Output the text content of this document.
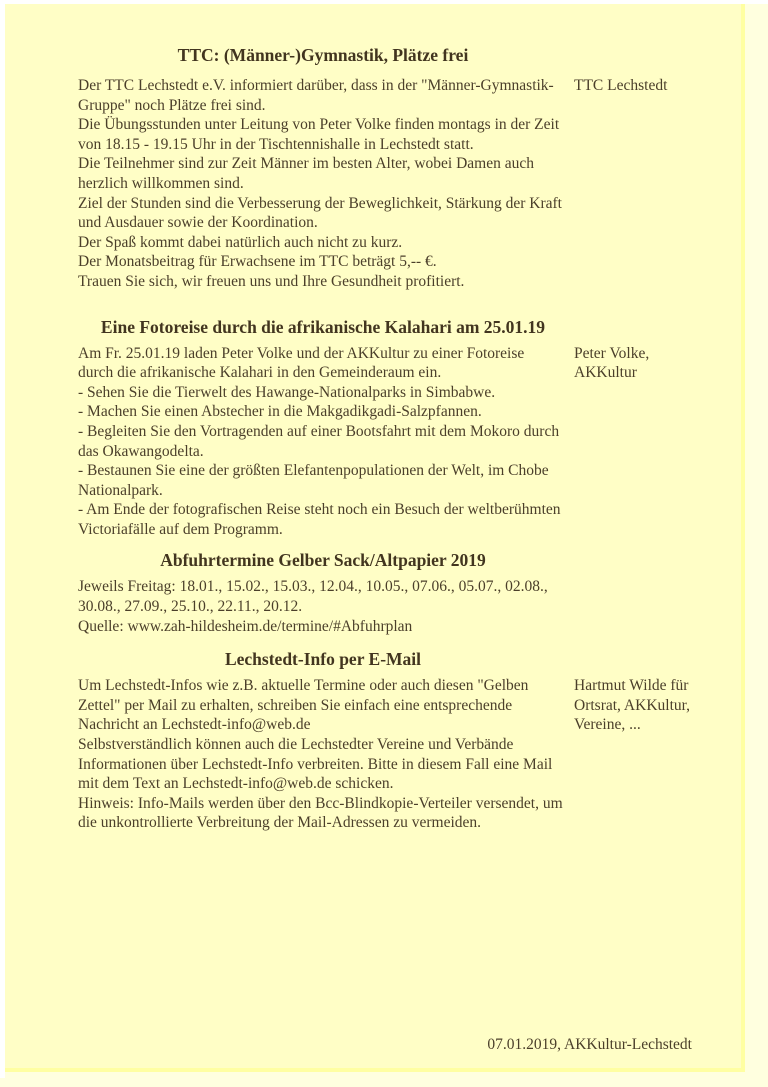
TTC: (Männer-)Gymnastik, Plätze frei
Der TTC Lechstedt e.V. informiert darüber, dass in der "Männer-Gymnastik-
Gruppe" noch Plätze frei sind.
Die Übungsstunden unter Leitung von Peter Volke finden montags in der Zeit
von 18.15 - 19.15 Uhr in der Tischtennishalle in Lechstedt statt.
Die Teilnehmer sind zur Zeit Männer im besten Alter, wobei Damen auch
herzlich willkommen sind.
Ziel der Stunden sind die Verbesserung der Beweglichkeit, Stärkung der Kraft
und Ausdauer sowie der Koordination.
Der Spaß kommt dabei natürlich auch nicht zu kurz.
Der Monatsbeitrag für Erwachsene im TTC beträgt 5,-- €.
Trauen Sie sich, wir freuen uns und Ihre Gesundheit profitiert.
TTC Lechstedt
Eine Fotoreise durch die afrikanische Kalahari am 25.01.19
Am Fr. 25.01.19 laden Peter Volke und der AKKultur zu einer Fotoreise
durch die afrikanische Kalahari in den Gemeinderaum ein.
- Sehen Sie die Tierwelt des Hawange-Nationalparks in Simbabwe.
- Machen Sie einen Abstecher in die Makgadikgadi-Salzpfannen.
- Begleiten Sie den Vortragenden auf einer Bootsfahrt mit dem Mokoro durch
das Okawangodelta.
- Bestaunen Sie eine der größten Elefantenpopulationen der Welt, im Chobe
Nationalpark.
- Am Ende der fotografischen Reise steht noch ein Besuch der weltberühmten
Victoriafälle auf dem Programm.
Peter Volke,
AKKultur
Abfuhrtermine Gelber Sack/Altpapier 2019
Jeweils Freitag: 18.01., 15.02., 15.03., 12.04., 10.05., 07.06., 05.07., 02.08.,
30.08., 27.09., 25.10., 22.11., 20.12.
Quelle: www.zah-hildesheim.de/termine/#Abfuhrplan
Lechstedt-Info per E-Mail
Um Lechstedt-Infos wie z.B. aktuelle Termine oder auch diesen "Gelben
Zettel" per Mail zu erhalten, schreiben Sie einfach eine entsprechende
Nachricht an Lechstedt-info@web.de
Selbstverständlich können auch die Lechstedter Vereine und Verbände
Informationen über Lechstedt-Info verbreiten. Bitte in diesem Fall eine Mail
mit dem Text an Lechstedt-info@web.de schicken.
Hinweis: Info-Mails werden über den Bcc-Blindkopie-Verteiler versendet, um
die unkontrollierte Verbreitung der Mail-Adressen zu vermeiden.
Hartmut Wilde für
Ortsrat, AKKultur,
Vereine, ...
07.01.2019, AKKultur-Lechstedt
